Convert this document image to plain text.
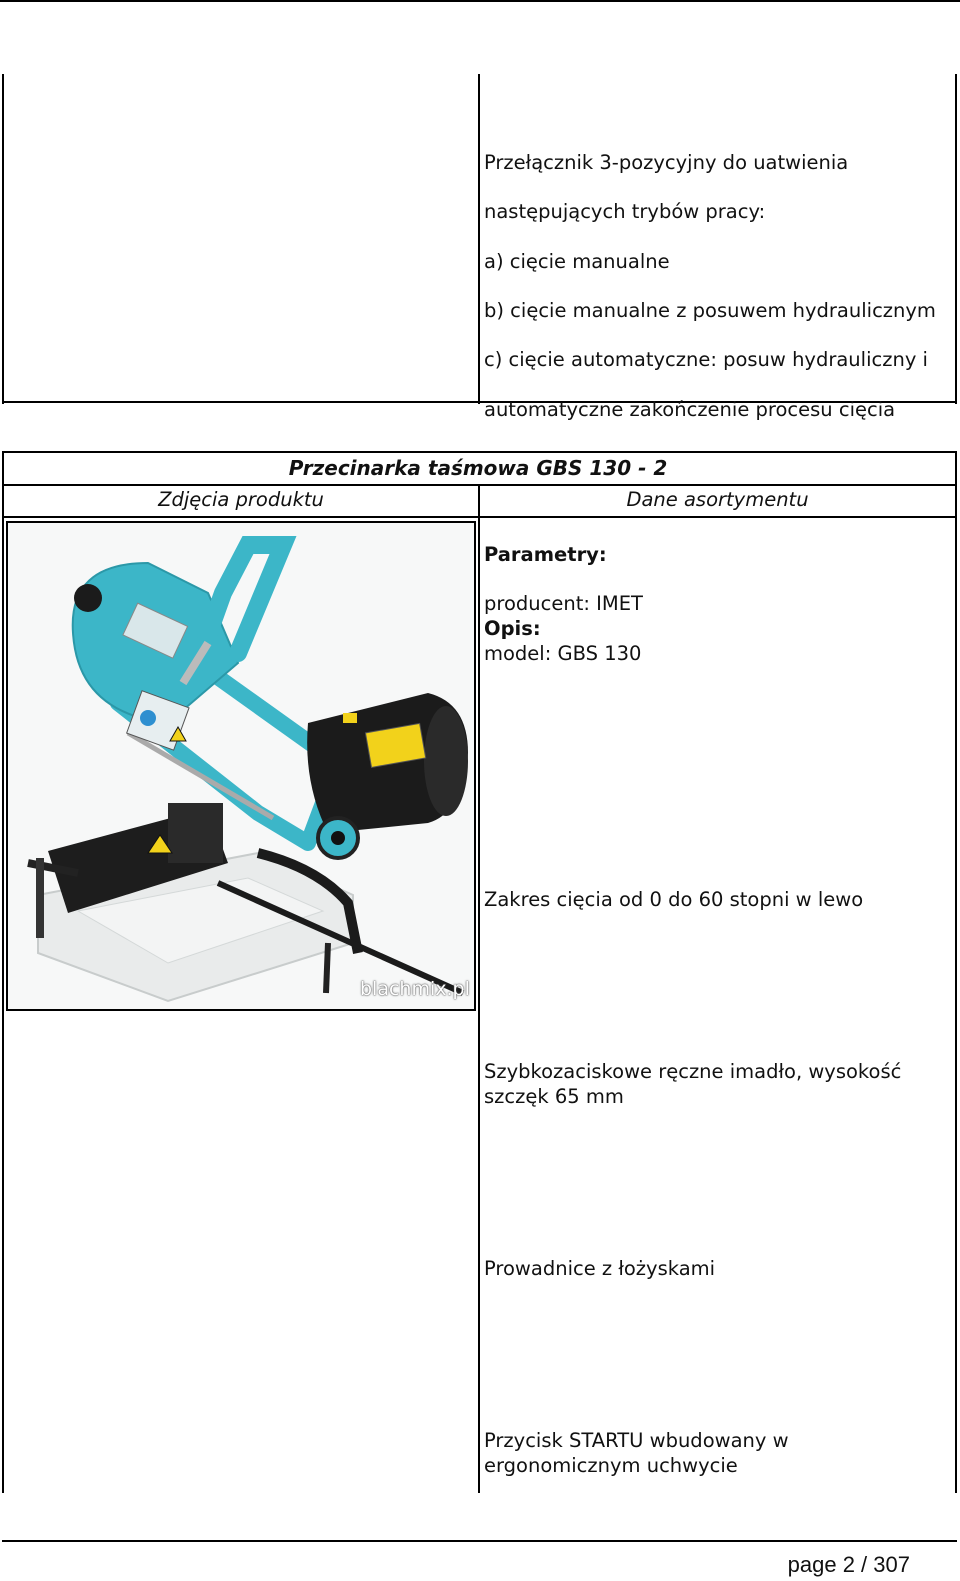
Przełącznik 3-pozycyjny do uatwienia

następujących trybów pracy:

a) cięcie manualne

b) cięcie manualne z posuwem hydraulicznym

c) cięcie automatyczne: posuw hydrauliczny i

automatyczne zakończenie procesu cięcia

Przecinarka taśmowa GBS 130 - 2
Zdjęcia produktu	Dane asortymentu
blachmix.pl

Parametry:

producent: IMET

model: GBS 130

Opis:
Zakres cięcia od 0 do 60 stopni w lewo
Szybkozaciskowe ręczne imadło, wysokość
szczęk 65 mm
Prowadnice z łożyskami
Przycisk STARTU wbudowany w
ergonomicznym uchwycie
page 2 / 307
